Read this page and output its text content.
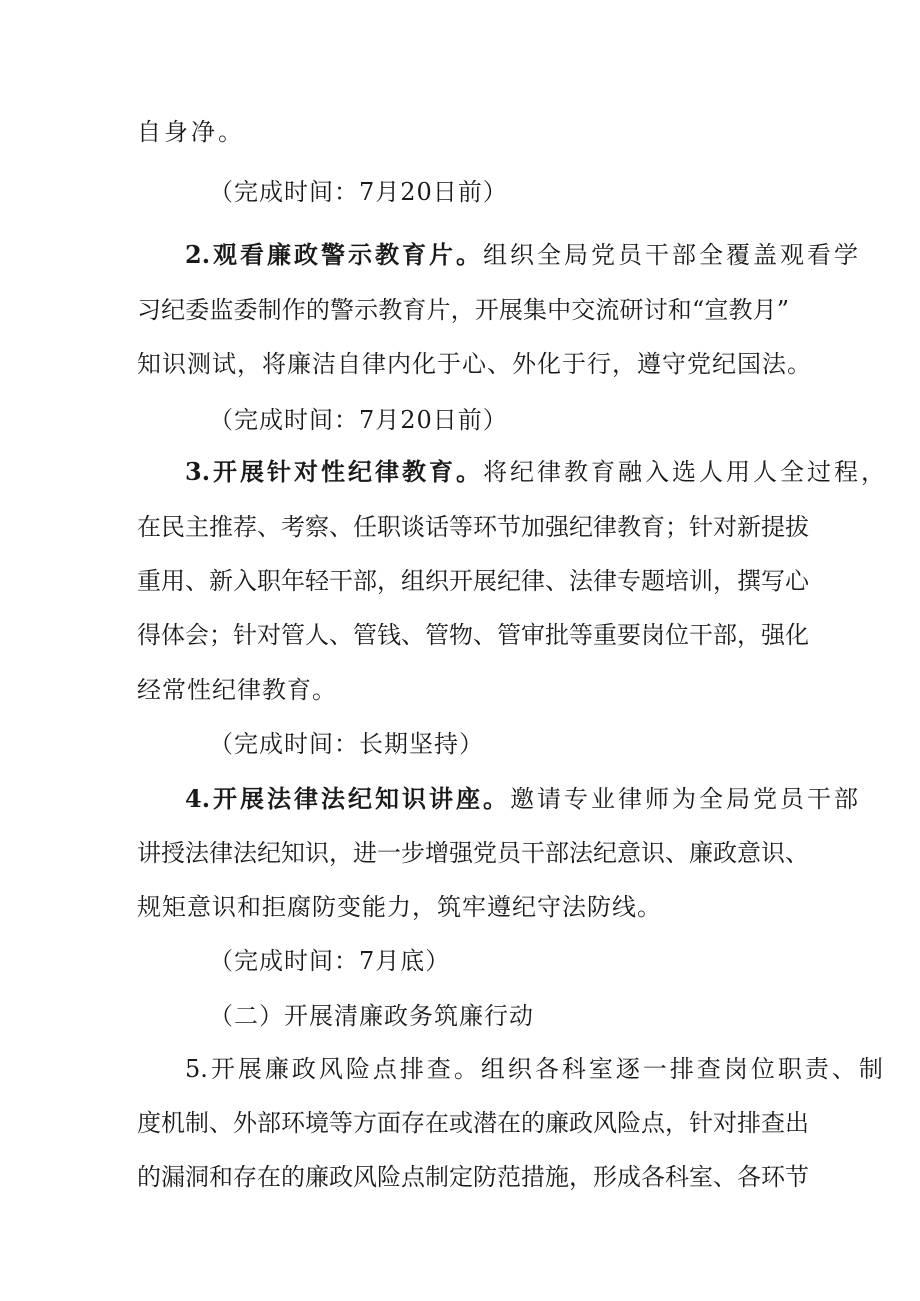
自身净。
（完成时间：7月20日前）
2.观看廉政警示教育片。组织全局党员干部全覆盖观看学
习纪委监委制作的警示教育片，开展集中交流研讨和“宣教月”
知识测试，将廉洁自律内化于心、外化于行，遵守党纪国法。
（完成时间：7月20日前）
3.开展针对性纪律教育。将纪律教育融入选人用人全过程，
在民主推荐、考察、任职谈话等环节加强纪律教育；针对新提拔
重用、新入职年轻干部，组织开展纪律、法律专题培训，撰写心
得体会；针对管人、管钱、管物、管审批等重要岗位干部，强化
经常性纪律教育。
（完成时间：长期坚持）
4.开展法律法纪知识讲座。邀请专业律师为全局党员干部
讲授法律法纪知识，进一步增强党员干部法纪意识、廉政意识、
规矩意识和拒腐防变能力，筑牢遵纪守法防线。
（完成时间：7月底）
（二）开展清廉政务筑廉行动
5.开展廉政风险点排查。组织各科室逐一排查岗位职责、制
度机制、外部环境等方面存在或潜在的廉政风险点，针对排查出
的漏洞和存在的廉政风险点制定防范措施，形成各科室、各环节
